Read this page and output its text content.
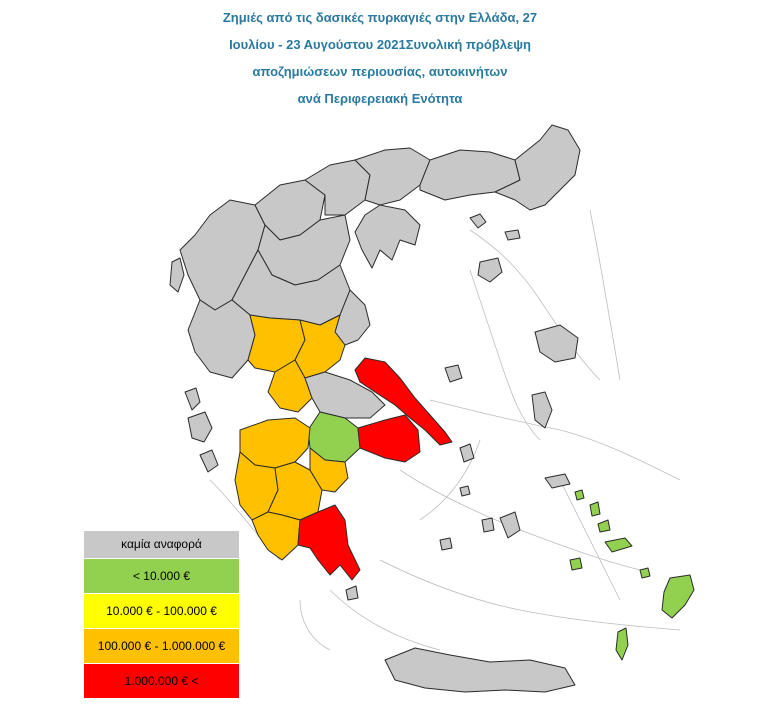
Ζημιές από τις δασικές πυρκαγιές στην Ελλάδα, 27
Ιουλίου - 23 Αυγούστου 2021Συνολική πρόβλεψη
αποζημιώσεων περιουσίας, αυτοκινήτων
ανά Περιφερειακή Ενότητα
καμία αναφορά
< 10.000 €
10.000 € - 100.000 €
100.000 € - 1.000.000 €
1.000.000 € <
